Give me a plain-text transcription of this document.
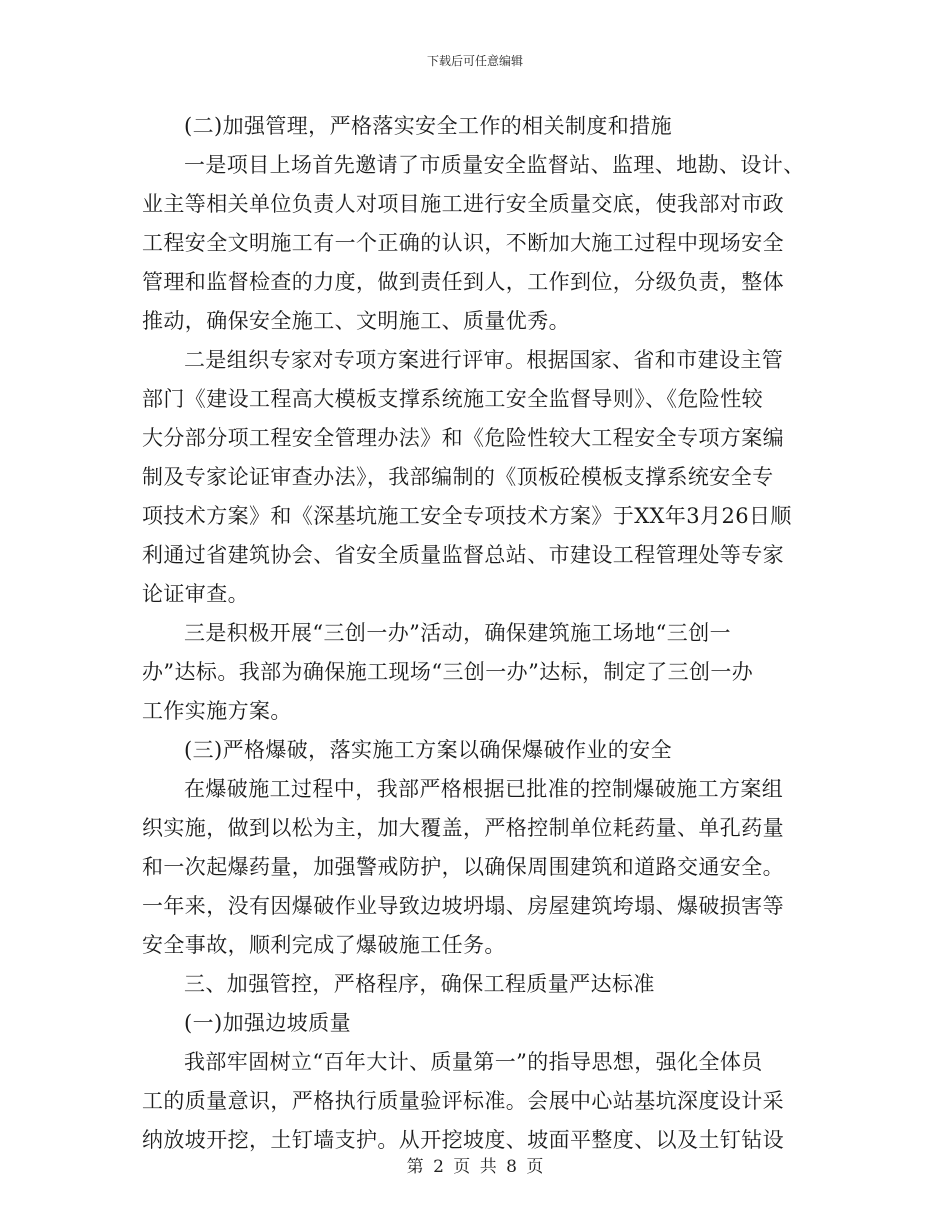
下载后可任意编辑
(二)加强管理，严格落实安全工作的相关制度和措施
一是项目上场首先邀请了市质量安全监督站、监理、地勘、设计、
业主等相关单位负责人对项目施工进行安全质量交底，使我部对市政
工程安全文明施工有一个正确的认识，不断加大施工过程中现场安全
管理和监督检查的力度，做到责任到人，工作到位，分级负责，整体
推动，确保安全施工、文明施工、质量优秀。
二是组织专家对专项方案进行评审。根据国家、省和市建设主管
部门《建设工程高大模板支撑系统施工安全监督导则》、《危险性较
大分部分项工程安全管理办法》和《危险性较大工程安全专项方案编
制及专家论证审查办法》，我部编制的《顶板砼模板支撑系统安全专
项技术方案》和《深基坑施工安全专项技术方案》于XX年3月26日顺
利通过省建筑协会、省安全质量监督总站、市建设工程管理处等专家
论证审查。
三是积极开展“三创一办”活动，确保建筑施工场地“三创一
办”达标。我部为确保施工现场“三创一办”达标，制定了三创一办
工作实施方案。
(三)严格爆破，落实施工方案以确保爆破作业的安全
在爆破施工过程中，我部严格根据已批准的控制爆破施工方案组
织实施，做到以松为主，加大覆盖，严格控制单位耗药量、单孔药量
和一次起爆药量，加强警戒防护，以确保周围建筑和道路交通安全。
一年来，没有因爆破作业导致边坡坍塌、房屋建筑垮塌、爆破损害等
安全事故，顺利完成了爆破施工任务。
三、加强管控，严格程序，确保工程质量严达标准
(一)加强边坡质量
我部牢固树立“百年大计、质量第一”的指导思想，强化全体员
工的质量意识，严格执行质量验评标准。会展中心站基坑深度设计采
纳放坡开挖，土钉墙支护。从开挖坡度、坡面平整度、以及土钉钻设
第 2 页 共 8 页
